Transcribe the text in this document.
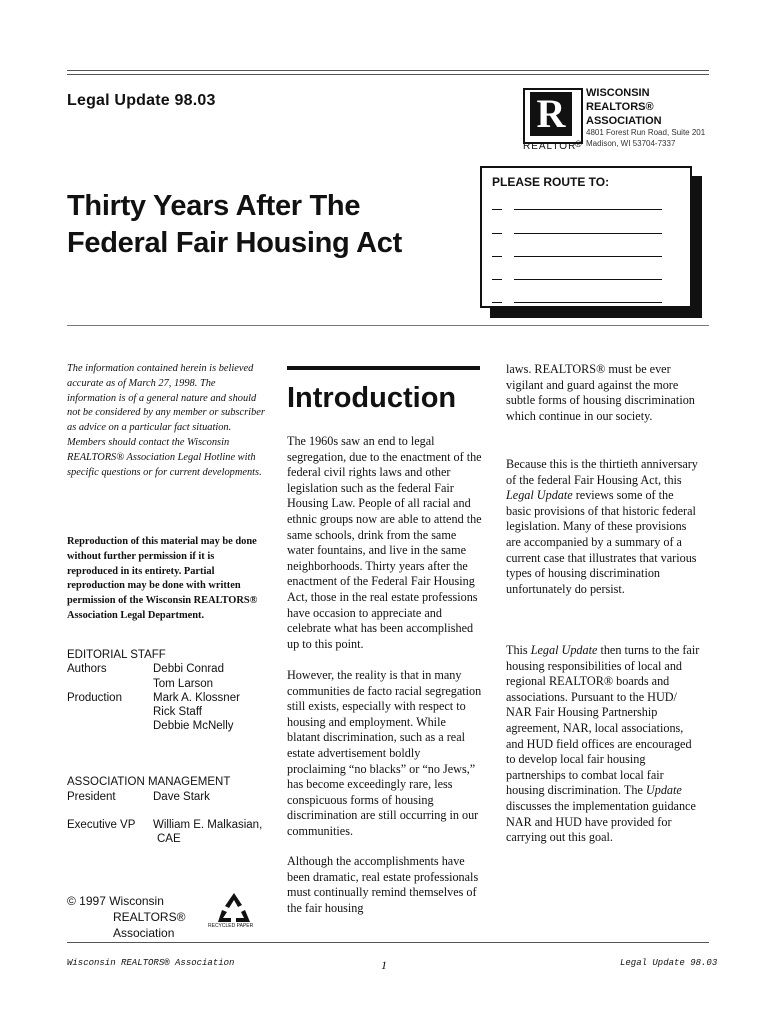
Legal Update 98.03	R
REALTOR
®
WISCONSIN
REALTORS®
ASSOCIATION
4801 Forest Run Road, Suite 201
Madison, WI 53704-7337
Thirty Years After The
Federal Fair Housing Act
PLEASE ROUTE TO:
The information contained herein is believed accurate as of March 27, 1998. The information is of a general nature and should not be considered by any member or subscriber as advice on a particular fact situation. Members should contact the Wisconsin REALTORS® Association Legal Hotline with specific questions or for current developments.
Reproduction of this material may be done without further permission if it is reproduced in its entirety. Partial reproduction may be done with written permission of the Wisconsin REALTORS® Association Legal Department.
EDITORIAL STAFF
Authors	Debbi Conrad
Tom Larson
Production	Mark A. Klossner
Rick Staff
Debbie McNelly
ASSOCIATION MANAGEMENT
President	Dave Stark
Executive VP William E. Malkasian,
CAE
© 1997 Wisconsin
REALTORS®
Association	RECYCLED PAPER
Introduction
The 1960s saw an end to legal segregation, due to the enactment of the federal civil rights laws and other legislation such as the federal Fair Housing Law. People of all racial and ethnic groups now are able to attend the same schools, drink from the same water fountains, and live in the same neighborhoods. Thirty years after the enactment of the Federal Fair Housing Act, those in the real estate professions have occasion to appreciate and celebrate what has been accomplished up to this point.
However, the reality is that in many communities de facto racial segregation still exists, especially with respect to housing and employment. While blatant discrimination, such as a real estate advertisement boldly proclaiming “no blacks” or “no Jews,” has become exceedingly rare, less conspicuous forms of housing discrimination are still occurring in our communities.
Although the accomplishments have been dramatic, real estate professionals must continually remind themselves of the fair housing
laws. REALTORS® must be ever vigilant and guard against the more subtle forms of housing discrimination which continue in our society.
Because this is the thirtieth anniversary of the federal Fair Housing Act, this Legal Update reviews some of the basic provisions of that historic federal legislation. Many of these provisions are accompanied by a summary of a current case that illustrates that various types of housing discrimination unfortunately do persist.
This Legal Update then turns to the fair housing responsibilities of local and regional REALTOR® boards and associations. Pursuant to the HUD/ NAR Fair Housing Partnership agreement, NAR, local associations, and HUD field offices are encouraged to develop local fair housing partnerships to combat local fair housing discrimination. The Update discusses the implementation guidance NAR and HUD have provided for carrying out this goal.
Wisconsin REALTORS® Association	1	Legal Update 98.03
